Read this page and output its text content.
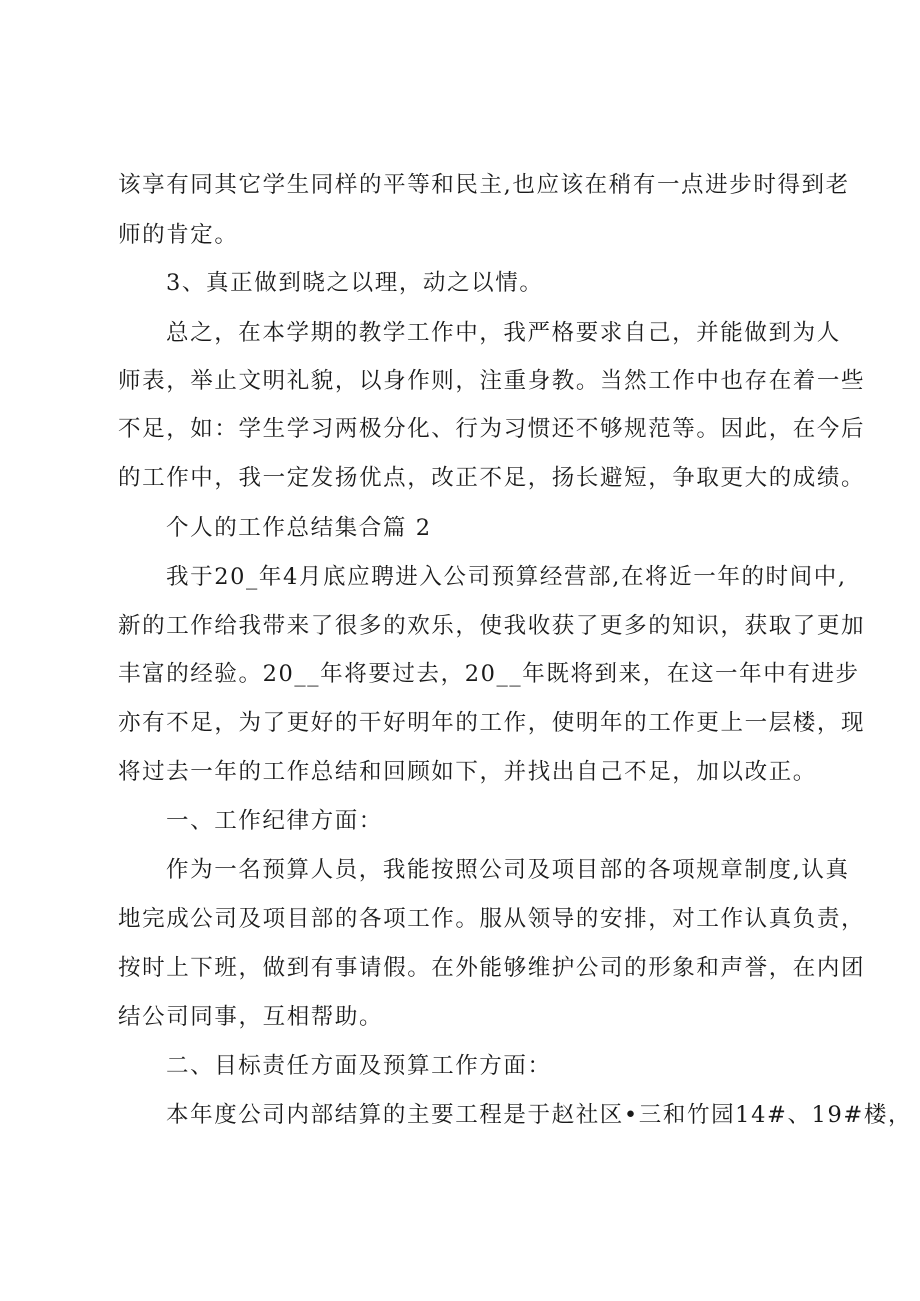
该享有同其它学生同样的平等和民主,也应该在稍有一点进步时得到老
师的肯定。
3、真正做到晓之以理，动之以情。
总之，在本学期的教学工作中，我严格要求自己，并能做到为人
师表，举止文明礼貌，以身作则，注重身教。当然工作中也存在着一些
不足，如：学生学习两极分化、行为习惯还不够规范等。因此，在今后
的工作中，我一定发扬优点，改正不足，扬长避短，争取更大的成绩。
个人的工作总结集合篇 2
我于20_年4月底应聘进入公司预算经营部,在将近一年的时间中,
新的工作给我带来了很多的欢乐，使我收获了更多的知识，获取了更加
丰富的经验。20__年将要过去，20__年既将到来，在这一年中有进步
亦有不足，为了更好的干好明年的工作，使明年的工作更上一层楼，现
将过去一年的工作总结和回顾如下，并找出自己不足，加以改正。
一、工作纪律方面：
作为一名预算人员，我能按照公司及项目部的各项规章制度,认真
地完成公司及项目部的各项工作。服从领导的安排，对工作认真负责，
按时上下班，做到有事请假。在外能够维护公司的形象和声誉，在内团
结公司同事，互相帮助。
二、目标责任方面及预算工作方面：
本年度公司内部结算的主要工程是于赵社区•三和竹园14#、19#楼，
